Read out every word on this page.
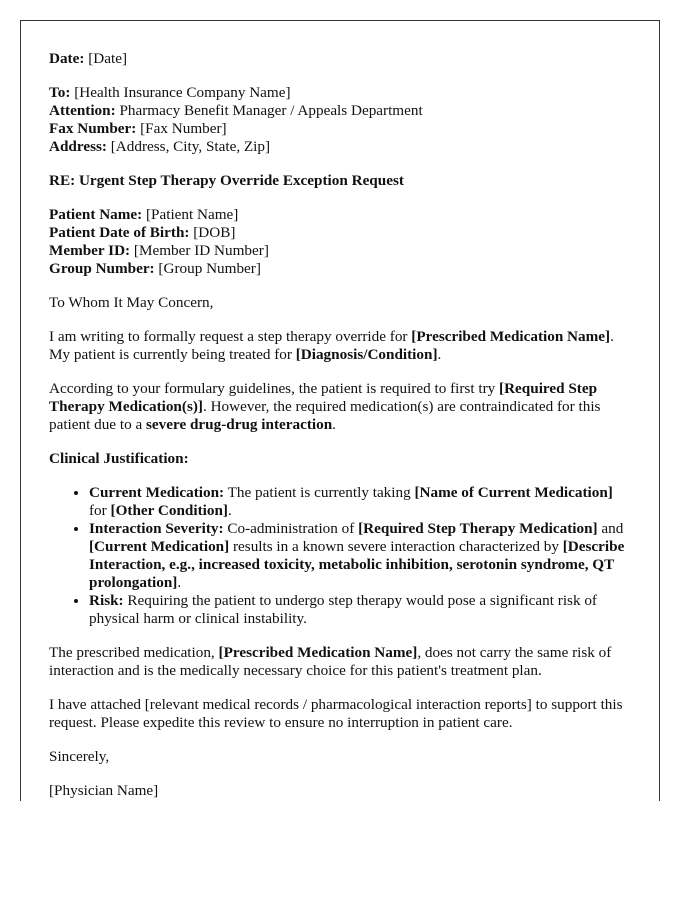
Date: [Date]

To: [Health Insurance Company Name]
Attention: Pharmacy Benefit Manager / Appeals Department
Fax Number: [Fax Number]
Address: [Address, City, State, Zip]

RE: Urgent Step Therapy Override Exception Request

Patient Name: [Patient Name]
Patient Date of Birth: [DOB]
Member ID: [Member ID Number]
Group Number: [Group Number]

To Whom It May Concern,

I am writing to formally request a step therapy override for [Prescribed Medication Name]. My patient is currently being treated for [Diagnosis/Condition].

According to your formulary guidelines, the patient is required to first try [Required Step Therapy Medication(s)]. However, the required medication(s) are contraindicated for this patient due to a severe drug-drug interaction.

Clinical Justification:

• Current Medication: The patient is currently taking [Name of Current Medication] for [Other Condition].
• Interaction Severity: Co-administration of [Required Step Therapy Medication] and [Current Medication] results in a known severe interaction characterized by [Describe Interaction, e.g., increased toxicity, metabolic inhibition, serotonin syndrome, QT prolongation].
• Risk: Requiring the patient to undergo step therapy would pose a significant risk of physical harm or clinical instability.

The prescribed medication, [Prescribed Medication Name], does not carry the same risk of interaction and is the medically necessary choice for this patient's treatment plan.

I have attached [relevant medical records / pharmacological interaction reports] to support this request. Please expedite this review to ensure no interruption in patient care.

Sincerely,

[Physician Name]
